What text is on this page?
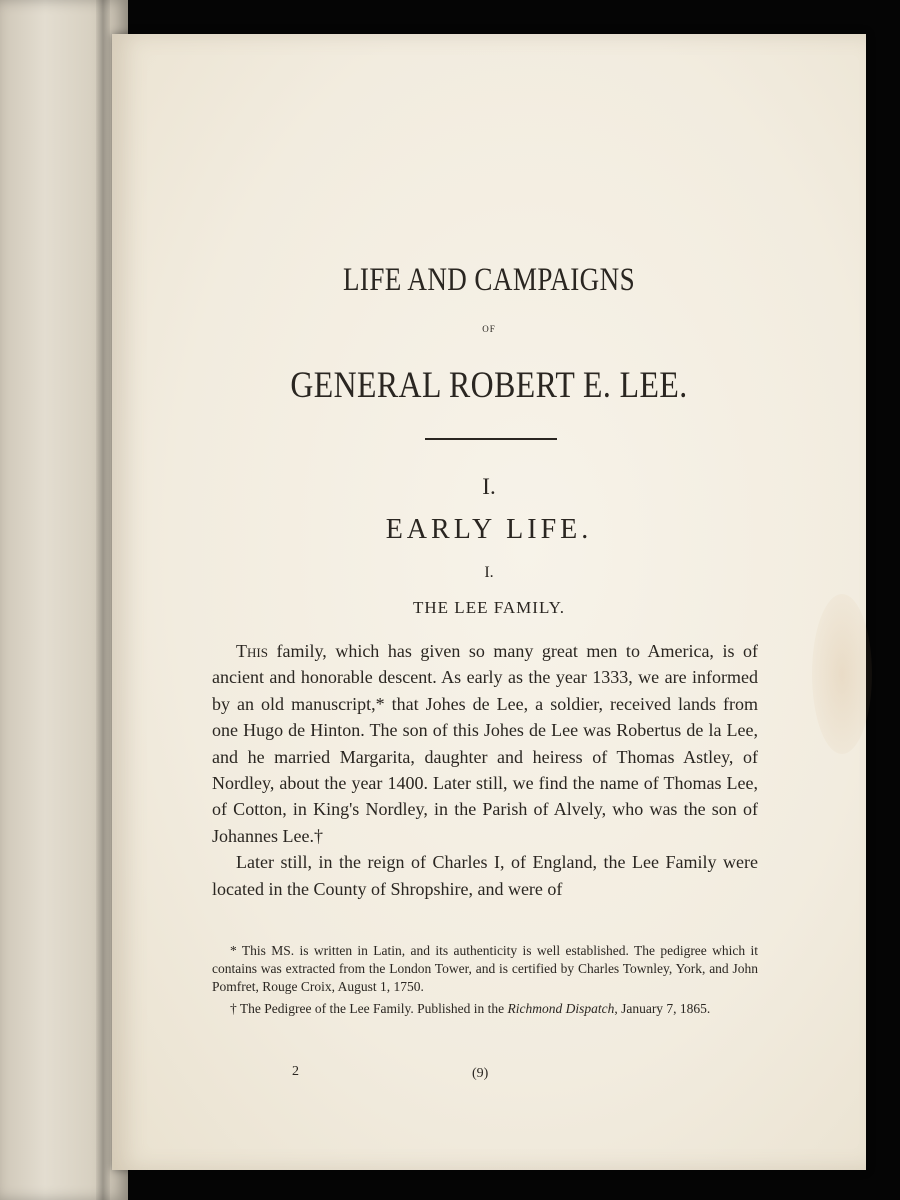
LIFE AND CAMPAIGNS
OF
GENERAL ROBERT E. LEE.
I.
EARLY LIFE.
I.
THE LEE FAMILY.

This family, which has given so many great men to America, is of ancient and honorable descent. As early as the year 1333, we are informed by an old manuscript,* that Johes de Lee, a soldier, received lands from one Hugo de Hinton. The son of this Johes de Lee was Robertus de la Lee, and he married Margarita, daughter and heiress of Thomas Astley, of Nordley, about the year 1400. Later still, we find the name of Thomas Lee, of Cotton, in King's Nordley, in the Parish of Alvely, who was the son of Johannes Lee.†

Later still, in the reign of Charles I, of England, the Lee Family were located in the County of Shropshire, and were of

* This MS. is written in Latin, and its authenticity is well established. The pedigree which it contains was extracted from the London Tower, and is certified by Charles Townley, York, and John Pomfret, Rouge Croix, August 1, 1750.

† The Pedigree of the Lee Family. Published in the Richmond Dispatch, January 7, 1865.

2	(9)
